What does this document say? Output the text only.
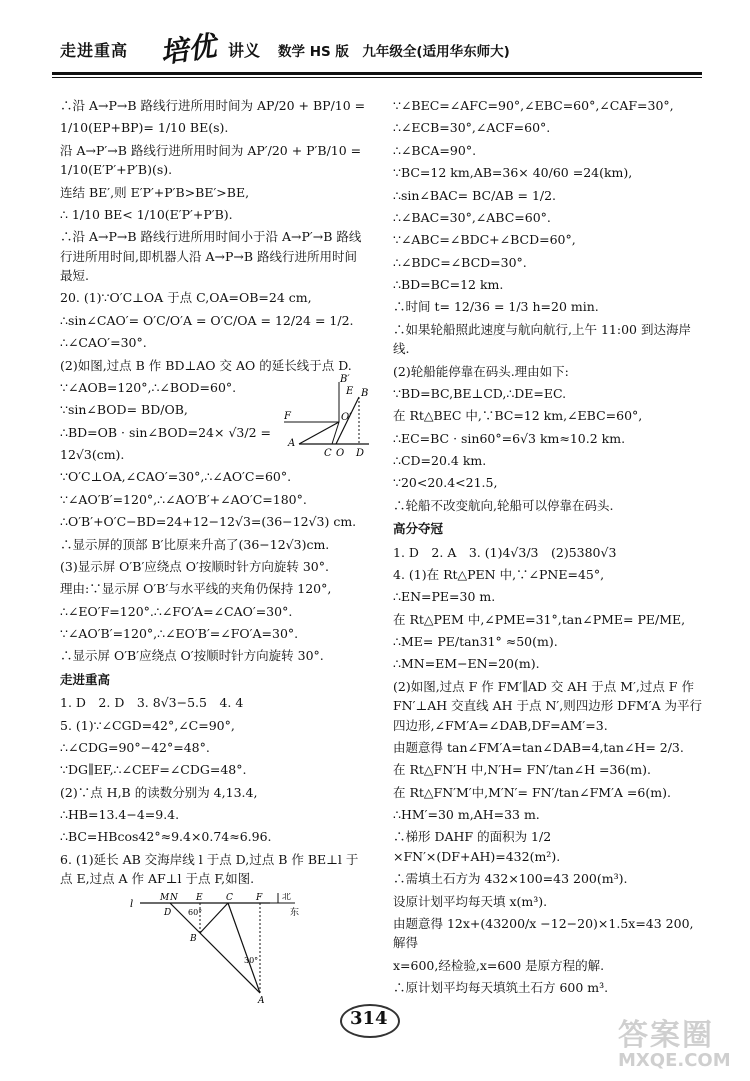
走进重高 培优 讲义 数学 HS 版　九年级全(适用华东师大)

∴沿 A→P→B 路线行进所用时间为 AP/20 + BP/10 =

1/10(EP+BP)= 1/10 BE(s).

沿 A→P′→B 路线行进所用时间为 AP′/20 + P′B/10 = 1/10(E′P′+P′B)(s).

连结 BE′,则 E′P′+P′B>BE′>BE,

∴ 1/10 BE< 1/10(E′P′+P′B).

∴沿 A→P→B 路线行进所用时间小于沿 A→P′→B 路线行进所用时间,即机器人沿 A→P→B 路线行进所用时间最短.

20. (1)∵O′C⊥OA 于点 C,OA=OB=24 cm,

∴sin∠CAO′= O′C/O′A = O′C/OA = 12/24 = 1/2.

∴∠CAO′=30°.

(2)如图,过点 B 作 BD⊥AO 交 AO 的延长线于点 D.

∵∠AOB=120°,∴∠BOD=60°.

∵sin∠BOD= BD/OB,

∴BD=OB · sin∠BOD=24× √3/2 =

B′
B
E
O′
F
A
C O D

12√3(cm).

∵O′C⊥OA,∠CAO′=30°,∴∠AO′C=60°.

∵∠AO′B′=120°,∴∠AO′B′+∠AO′C=180°.

∴O′B′+O′C−BD=24+12−12√3=(36−12√3) cm.

∴显示屏的顶部 B′比原来升高了(36−12√3)cm.

(3)显示屏 O′B′应绕点 O′按顺时针方向旋转 30°.

理由:∵显示屏 O′B′与水平线的夹角仍保持 120°,

∴∠EO′F=120°.∴∠FO′A=∠CAO′=30°.

∵∠AO′B′=120°,∴∠EO′B′=∠FO′A=30°.

∴显示屏 O′B′应绕点 O′按顺时针方向旋转 30°.

走进重高

1. D　2. D　3. 8√3−5.5　4. 4

5. (1)∵∠CGD=42°,∠C=90°,

∴∠CDG=90°−42°=48°.

∵DG∥EF,∴∠CEF=∠CDG=48°.

(2)∵点 H,B 的读数分别为 4,13.4,

∴HB=13.4−4=9.4.

∴BC=HBcos42°≈9.4×0.74≈6.96.

6. (1)延长 AB 交海岸线 l 于点 D,过点 B 作 BE⊥l 于点 E,过点 A 作 AF⊥l 于点 F,如图.

l
M N E	C	F
D 60°
B
30°
A
北
东

∵∠BEC=∠AFC=90°,∠EBC=60°,∠CAF=30°,

∴∠ECB=30°,∠ACF=60°.

∴∠BCA=90°.

∵BC=12 km,AB=36× 40/60 =24(km),

∴sin∠BAC= BC/AB = 1/2.

∴∠BAC=30°,∠ABC=60°.

∵∠ABC=∠BDC+∠BCD=60°,

∴∠BDC=∠BCD=30°.

∴BD=BC=12 km.

∴时间 t= 12/36 = 1/3 h=20 min.

∴如果轮船照此速度与航向航行,上午 11:00 到达海岸线.

(2)轮船能停靠在码头.理由如下:

∵BD=BC,BE⊥CD,∴DE=EC.

在 Rt△BEC 中,∵BC=12 km,∠EBC=60°,

∴EC=BC · sin60°=6√3 km≈10.2 km.

∴CD=20.4 km.

∵20<20.4<21.5,

∴轮船不改变航向,轮船可以停靠在码头.

高分夺冠

1. D　2. A　3. (1)4√3/3　(2)5380√3

4. (1)在 Rt△PEN 中,∵∠PNE=45°,

∴EN=PE=30 m.

在 Rt△PEM 中,∠PME=31°,tan∠PME= PE/ME,

∴ME= PE/tan31° ≈50(m).

∴MN=EM−EN=20(m).

(2)如图,过点 F 作 FM′∥AD 交 AH 于点 M′,过点 F 作 FN′⊥AH 交直线 AH 于点 N′,则四边形 DFM′A 为平行四边形,∠FM′A=∠DAB,DF=AM′=3.

由题意得 tan∠FM′A=tan∠DAB=4,tan∠H= 2/3.

在 Rt△FN′H 中,N′H= FN′/tan∠H =36(m).

在 Rt△FN′M′中,M′N′= FN′/tan∠FM′A =6(m).

∴HM′=30 m,AH=33 m.

∴梯形 DAHF 的面积为 1/2 ×FN′×(DF+AH)=432(m²).

∴需填土石方为 432×100=43 200(m³).

设原计划平均每天填 x(m³).

由题意得 12x+(43200/x −12−20)×1.5x=43 200,解得

x=600,经检验,x=600 是原方程的解.

∴原计划平均每天填筑土石方 600 m³.

314	答案圈
MXQE.COM
